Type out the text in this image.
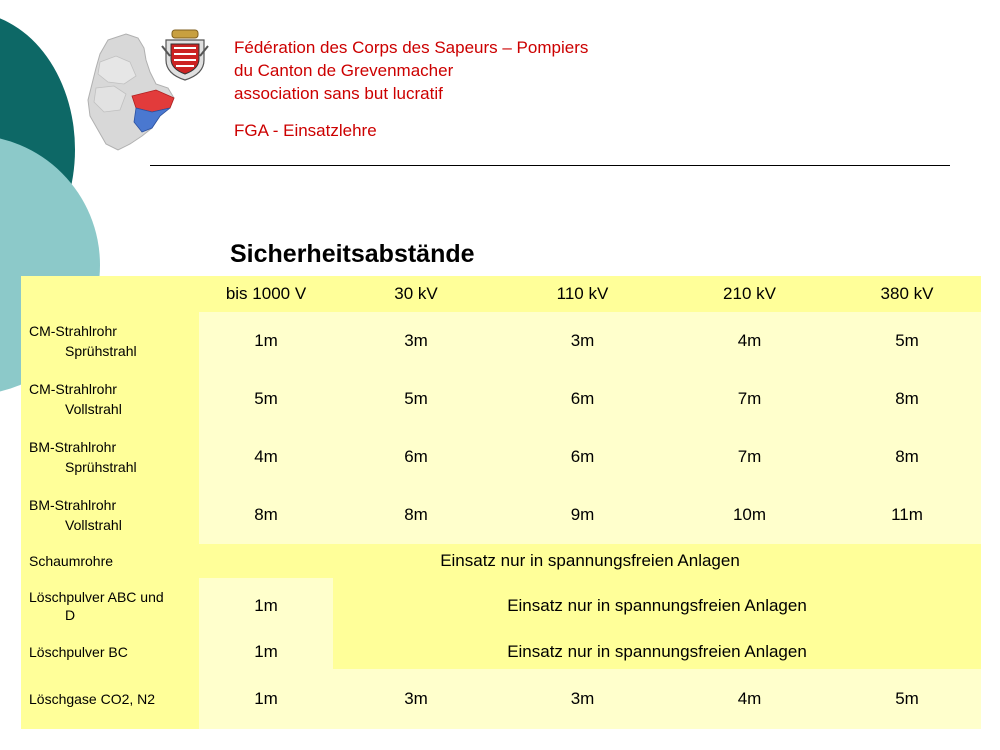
Fédération des Corps des Sapeurs – Pompiers
du Canton de Grevenmacher
association sans but lucratif
FGA - Einsatzlehre
Sicherheitsabstände
	bis 1000 V	30 kV	110 kV	210 kV	380 kV

CM-Strahlrohr
Sprühstrahl	1m	3m	3m	4m	5m

CM-Strahlrohr
Vollstrahl	5m	5m	6m	7m	8m

BM-Strahlrohr
Sprühstrahl	4m	6m	6m	7m	8m

BM-Strahlrohr
Vollstrahl	8m	8m	9m	10m	11m

Schaumrohre	Einsatz nur in spannungsfreien Anlagen				

Löschpulver ABC und
D	1m	Einsatz nur in spannungsfreien Anlagen			

Löschpulver BC	1m	Einsatz nur in spannungsfreien Anlagen			

Löschgase CO2, N2	1m	3m	3m	4m	5m
